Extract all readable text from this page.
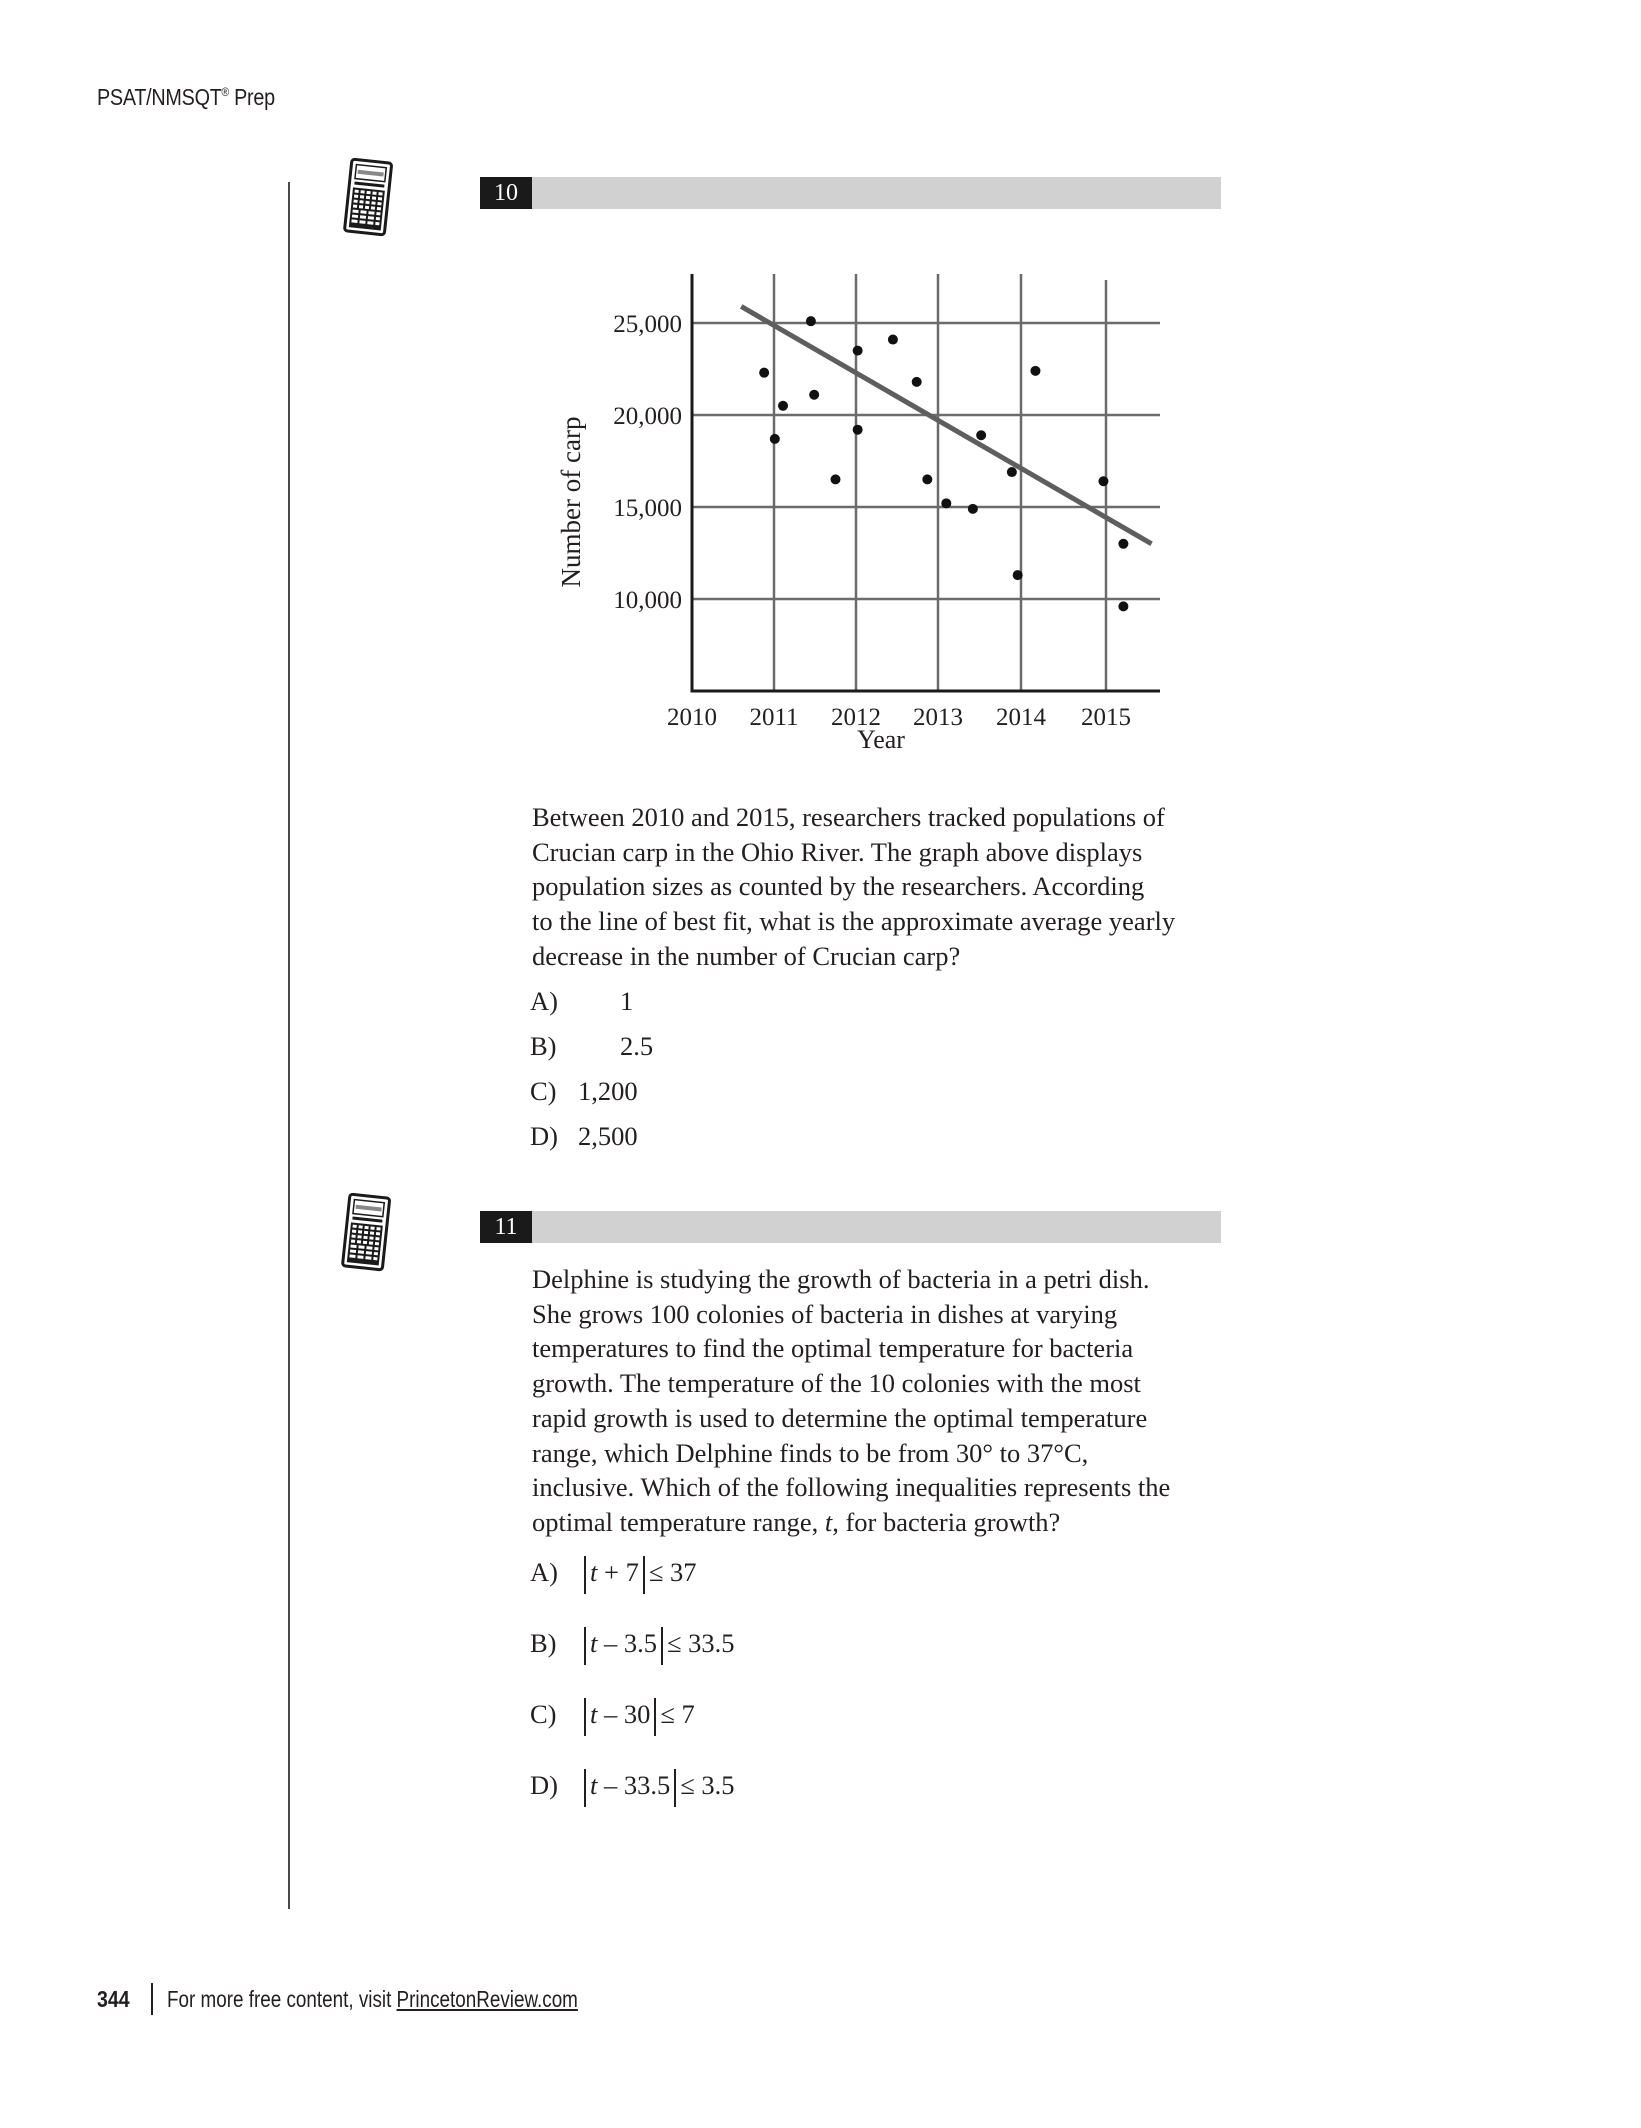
PSAT/NMSQT® Prep
10
10,000
15,000
20,000
25,000
2010 2011 2012 2013 2014 2015
Number of carp
Year
Between 2010 and 2015, researchers tracked populations of
Crucian carp in the Ohio River. The graph above displays
population sizes as counted by the researchers. According
to the line of best fit, what is the approximate average yearly
decrease in the number of Crucian carp?
A) 1
B) 2.5
C) 1,200
D) 2,500
11
Delphine is studying the growth of bacteria in a petri dish.
She grows 100 colonies of bacteria in dishes at varying
temperatures to find the optimal temperature for bacteria
growth. The temperature of the 10 colonies with the most
rapid growth is used to determine the optimal temperature
range, which Delphine finds to be from 30° to 37°C,
inclusive. Which of the following inequalities represents the
optimal temperature range, t, for bacteria growth?
A) t + 7 ≤ 37
B) t – 3.5 ≤ 33.5
C) t – 30 ≤ 7
D) t – 33.5 ≤ 3.5
344 For more free content, visit PrincetonReview.com
